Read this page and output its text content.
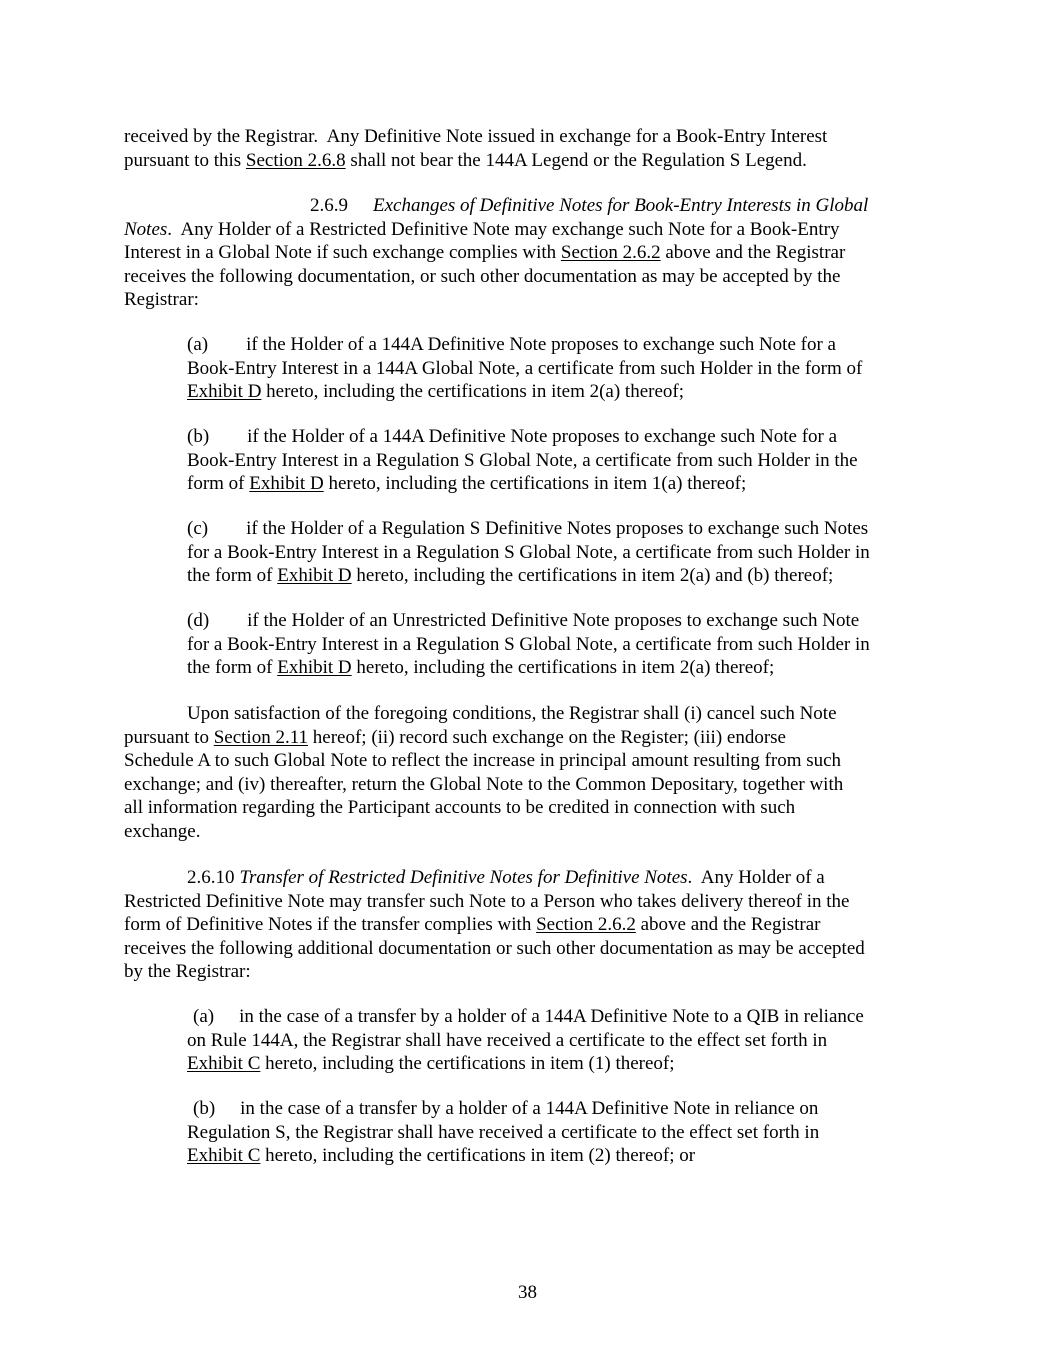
received by the Registrar.  Any Definitive Note issued in exchange for a Book-Entry Interest
pursuant to this Section 2.6.8 shall not bear the 144A Legend or the Regulation S Legend.
2.6.9 Exchanges of Definitive Notes for Book-Entry Interests in Global
Notes.  Any Holder of a Restricted Definitive Note may exchange such Note for a Book-Entry
Interest in a Global Note if such exchange complies with Section 2.6.2 above and the Registrar
receives the following documentation, or such other documentation as may be accepted by the
Registrar:
(a) if the Holder of a 144A Definitive Note proposes to exchange such Note for a
Book-Entry Interest in a 144A Global Note, a certificate from such Holder in the form of
Exhibit D hereto, including the certifications in item 2(a) thereof;
(b) if the Holder of a 144A Definitive Note proposes to exchange such Note for a
Book-Entry Interest in a Regulation S Global Note, a certificate from such Holder in the
form of Exhibit D hereto, including the certifications in item 1(a) thereof;
(c) if the Holder of a Regulation S Definitive Notes proposes to exchange such Notes
for a Book-Entry Interest in a Regulation S Global Note, a certificate from such Holder in
the form of Exhibit D hereto, including the certifications in item 2(a) and (b) thereof;
(d) if the Holder of an Unrestricted Definitive Note proposes to exchange such Note
for a Book-Entry Interest in a Regulation S Global Note, a certificate from such Holder in
the form of Exhibit D hereto, including the certifications in item 2(a) thereof;
Upon satisfaction of the foregoing conditions, the Registrar shall (i) cancel such Note
pursuant to Section 2.11 hereof; (ii) record such exchange on the Register; (iii) endorse
Schedule A to such Global Note to reflect the increase in principal amount resulting from such
exchange; and (iv) thereafter, return the Global Note to the Common Depositary, together with
all information regarding the Participant accounts to be credited in connection with such
exchange.
2.6.10 Transfer of Restricted Definitive Notes for Definitive Notes.  Any Holder of a
Restricted Definitive Note may transfer such Note to a Person who takes delivery thereof in the
form of Definitive Notes if the transfer complies with Section 2.6.2 above and the Registrar
receives the following additional documentation or such other documentation as may be accepted
by the Registrar:
(a) in the case of a transfer by a holder of a 144A Definitive Note to a QIB in reliance
on Rule 144A, the Registrar shall have received a certificate to the effect set forth in
Exhibit C hereto, including the certifications in item (1) thereof;
(b) in the case of a transfer by a holder of a 144A Definitive Note in reliance on
Regulation S, the Registrar shall have received a certificate to the effect set forth in
Exhibit C hereto, including the certifications in item (2) thereof; or
38
